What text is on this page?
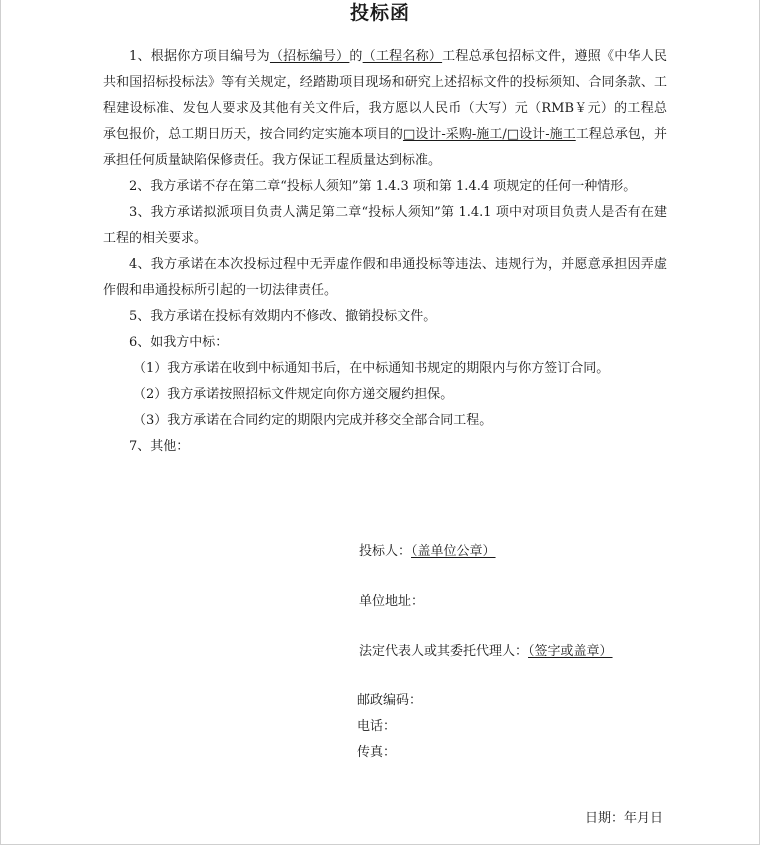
投标函

1、根据你方项目编号为（招标编号）的（工程名称）工程总承包招标文件，遵照《中华人民共和国招标投标法》等有关规定，经踏勘项目现场和研究上述招标文件的投标须知、合同条款、工程建设标准、发包人要求及其他有关文件后，我方愿以人民币（大写）元（RMB￥元）的工程总承包报价，总工期日历天，按合同约定实施本项目的□设计-采购-施工/□设计-施工工程总承包，并承担任何质量缺陷保修责任。我方保证工程质量达到标准。

2、我方承诺不存在第二章“投标人须知”第 1.4.3 项和第 1.4.4 项规定的任何一种情形。

3、我方承诺拟派项目负责人满足第二章“投标人须知”第 1.4.1 项中对项目负责人是否有在建工程的相关要求。

4、我方承诺在本次投标过程中无弄虚作假和串通投标等违法、违规行为，并愿意承担因弄虚作假和串通投标所引起的一切法律责任。

5、我方承诺在投标有效期内不修改、撤销投标文件。

6、如我方中标：

（1）我方承诺在收到中标通知书后，在中标通知书规定的期限内与你方签订合同。

（2）我方承诺按照招标文件规定向你方递交履约担保。

（3）我方承诺在合同约定的期限内完成并移交全部合同工程。

7、其他：

投标人：（盖单位公章）
单位地址：
法定代表人或其委托代理人：（签字或盖章）
邮政编码：
电话：
传真：
日期：年月日
